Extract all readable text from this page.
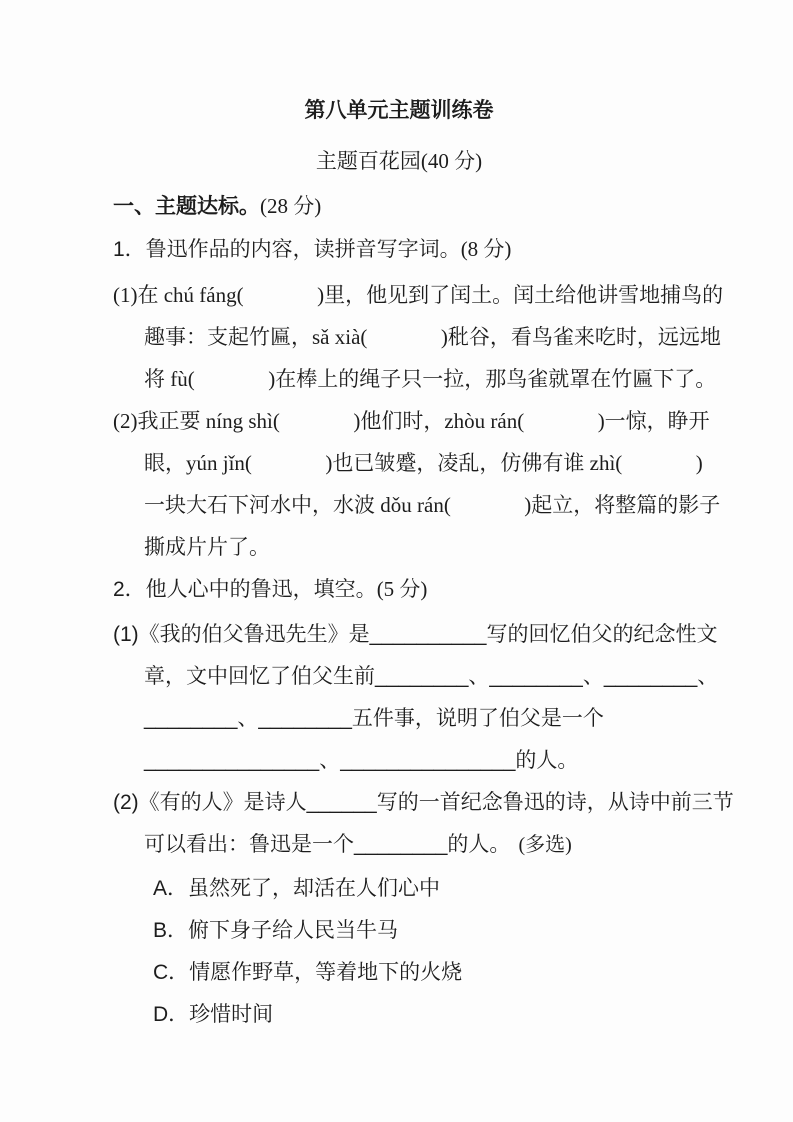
第八单元主题训练卷
主题百花园(40 分)
一、主题达标。(28 分)
1．鲁迅作品的内容，读拼音写字词。(8 分)
(1)在 chú fáng(              )里，他见到了闰土。闰土给他讲雪地捕鸟的
趣事：支起竹匾，sǎ xià(              )秕谷，看鸟雀来吃时，远远地
将 fù(              )在棒上的绳子只一拉，那鸟雀就罩在竹匾下了。
(2)我正要 níng shì(              )他们时，zhòu rán(              )一惊，睁开
眼，yún jǐn(              )也已皱蹙，凌乱，仿佛有谁 zhì(              )
一块大石下河水中，水波 dǒu rán(              )起立，将整篇的影子
撕成片片了。
2．他人心中的鲁迅，填空。(5 分)
(1)《我的伯父鲁迅先生》是__________写的回忆伯父的纪念性文
章，文中回忆了伯父生前________、________、________、
________、________五件事，说明了伯父是一个
_______________、_______________的人。
(2)《有的人》是诗人______写的一首纪念鲁迅的诗，从诗中前三节
可以看出：鲁迅是一个________的人。 (多选)
A．虽然死了，却活在人们心中
B．俯下身子给人民当牛马
C．情愿作野草，等着地下的火烧
D．珍惜时间
